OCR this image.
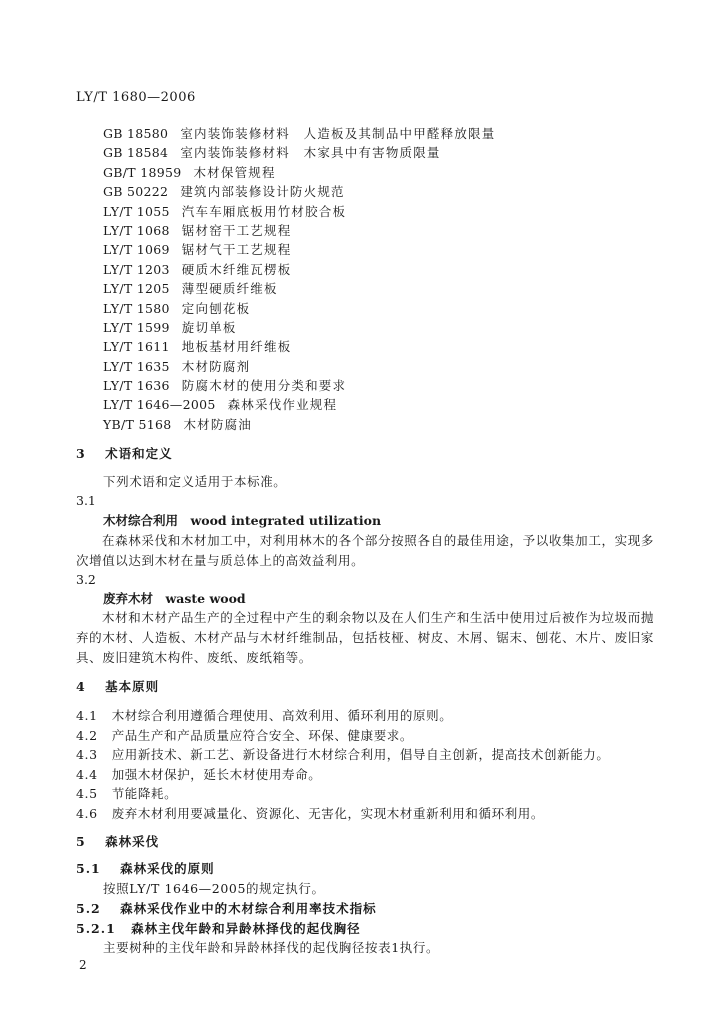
LY/T 1680—2006
GB 18580 室内装饰装修材料　人造板及其制品中甲醛释放限量
GB 18584 室内装饰装修材料　木家具中有害物质限量
GB/T 18959 木材保管规程
GB 50222 建筑内部装修设计防火规范
LY/T 1055 汽车车厢底板用竹材胶合板
LY/T 1068 锯材窑干工艺规程
LY/T 1069 锯材气干工艺规程
LY/T 1203 硬质木纤维瓦楞板
LY/T 1205 薄型硬质纤维板
LY/T 1580 定向刨花板
LY/T 1599 旋切单板
LY/T 1611 地板基材用纤维板
LY/T 1635 木材防腐剂
LY/T 1636 防腐木材的使用分类和要求
LY/T 1646—2005 森林采伐作业规程
YB/T 5168 木材防腐油
3 术语和定义
下列术语和定义适用于本标准。
3.1
木材综合利用　wood integrated utilization
在森林采伐和木材加工中，对利用林木的各个部分按照各自的最佳用途，予以收集加工，实现多次增值以达到木材在量与质总体上的高效益利用。
3.2
废弃木材　waste wood
木材和木材产品生产的全过程中产生的剩余物以及在人们生产和生活中使用过后被作为垃圾而抛弃的木材、人造板、木材产品与木材纤维制品，包括枝桠、树皮、木屑、锯末、刨花、木片、废旧家具、废旧建筑木构件、废纸、废纸箱等。
4 基本原则
4.1 木材综合利用遵循合理使用、高效利用、循环利用的原则。
4.2 产品生产和产品质量应符合安全、环保、健康要求。
4.3 应用新技术、新工艺、新设备进行木材综合利用，倡导自主创新，提高技术创新能力。
4.4 加强木材保护，延长木材使用寿命。
4.5 节能降耗。
4.6 废弃木材利用要减量化、资源化、无害化，实现木材重新利用和循环利用。
5 森林采伐
5.1 森林采伐的原则
按照LY/T 1646—2005的规定执行。
5.2 森林采伐作业中的木材综合利用率技术指标
5.2.1 森林主伐年龄和异龄林择伐的起伐胸径
主要树种的主伐年龄和异龄林择伐的起伐胸径按表1执行。
2
